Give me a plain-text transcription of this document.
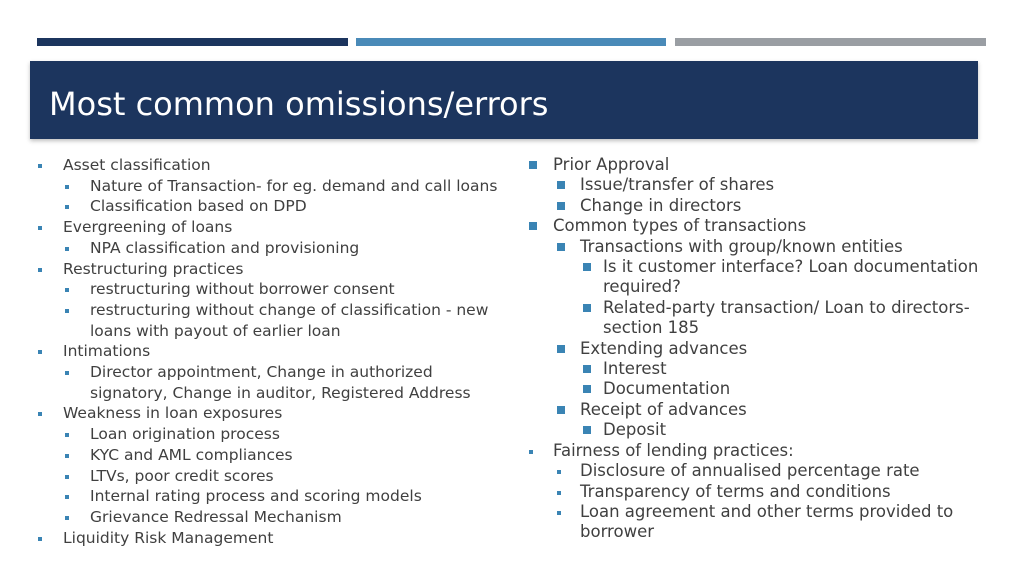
Most common omissions/errors
Asset classification
Nature of Transaction- for eg. demand and call loans
Classification based on DPD
Evergreening of loans
NPA classification and provisioning
Restructuring practices
restructuring without borrower consent
restructuring without change of classification - new loans with payout of earlier loan
Intimations
Director appointment, Change in authorized signatory, Change in auditor, Registered Address
Weakness in loan exposures
Loan origination process
KYC and AML compliances
LTVs, poor credit scores
Internal rating process and scoring models
Grievance Redressal Mechanism
Liquidity Risk Management
Prior Approval
Issue/transfer of shares
Change in directors
Common types of transactions
Transactions with group/known entities
Is it customer interface? Loan documentation required?
Related-party transaction/ Loan to directors- section 185
Extending advances
Interest
Documentation
Receipt of advances
Deposit
Fairness of lending practices:
Disclosure of annualised percentage rate
Transparency of terms and conditions
Loan agreement and other terms provided to borrower
